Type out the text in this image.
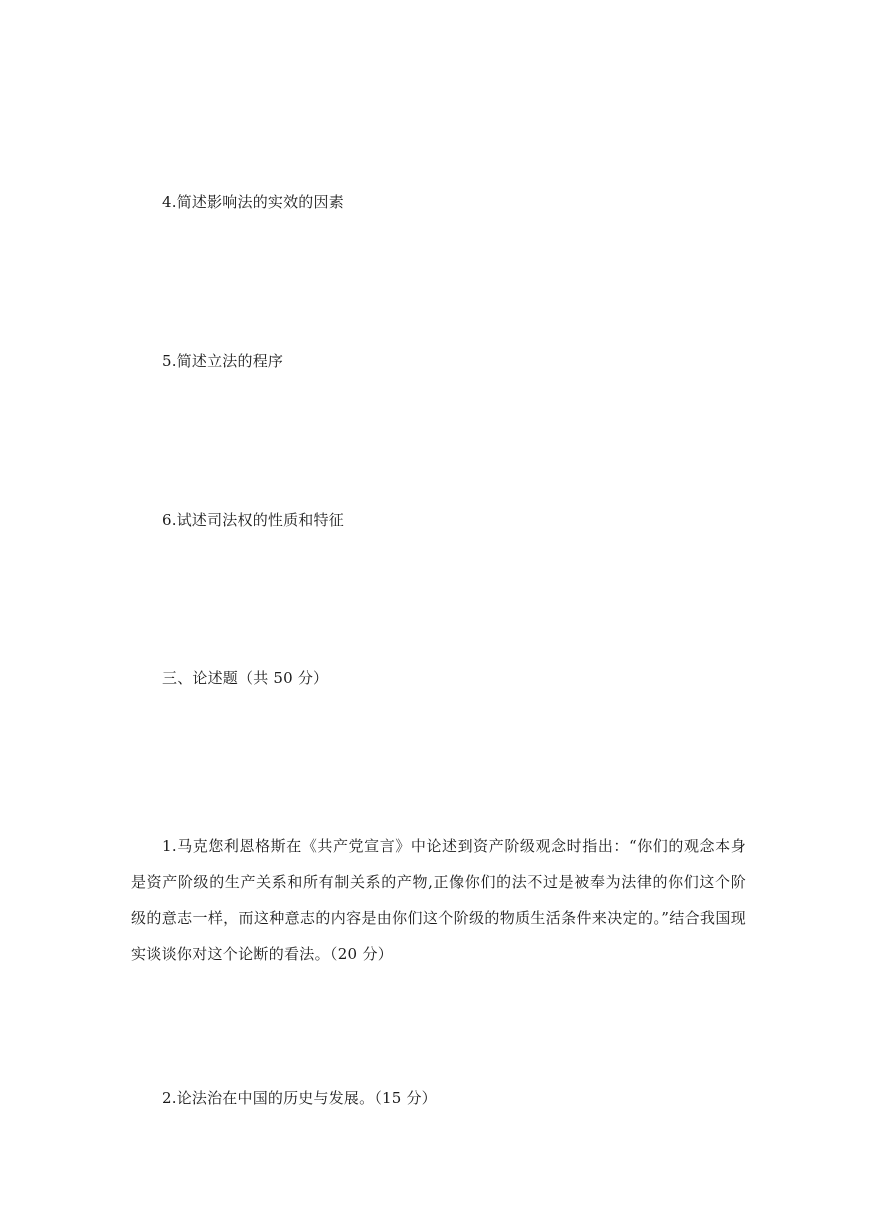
4.简述影响法的实效的因素
5.简述立法的程序
6.试述司法权的性质和特征
三、论述题（共 50 分）
1.马克您利恩格斯在《共产党宣言》中论述到资产阶级观念时指出：“你们的观念本身是资产阶级的生产关系和所有制关系的产物,正像你们的法不过是被奉为法律的你们这个阶级的意志一样，而这种意志的内容是由你们这个阶级的物质生活条件来决定的。”结合我国现实谈谈你对这个论断的看法。（20 分）
2.论法治在中国的历史与发展。（15 分）
